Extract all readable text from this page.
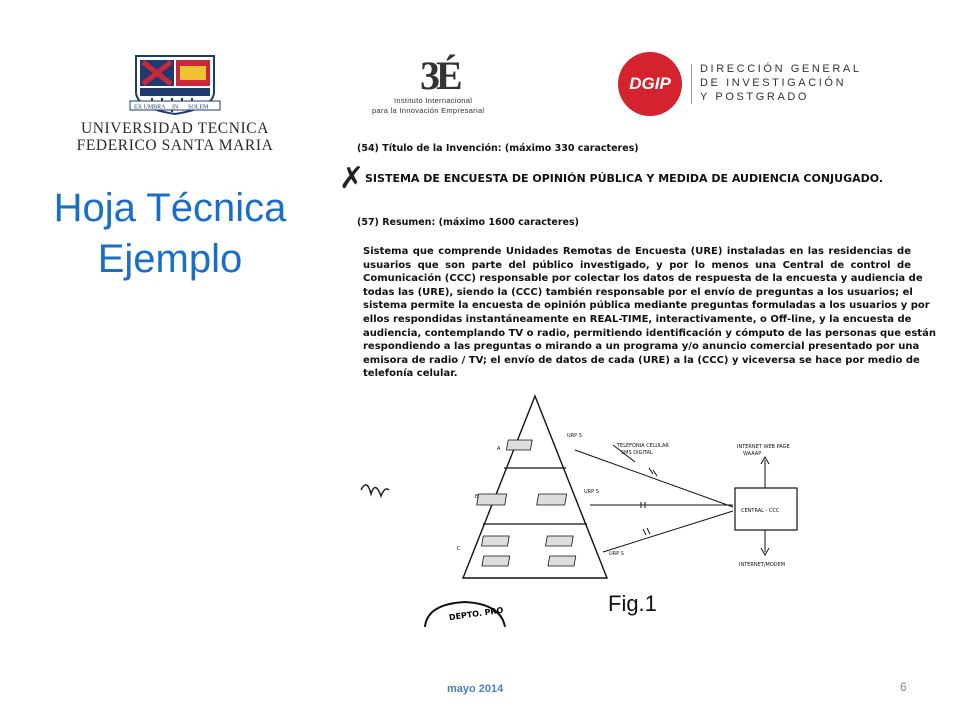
EX UMBRA IN SOLEM
UNIVERSIDAD TECNICA
FEDERICO SANTA MARIA
3É
Instituto Internacional
para la Innovación Empresarial
DGIP
DIRECCIÓN GENERAL
DE INVESTIGACIÓN
Y POSTGRADO
Hoja Técnica
Ejemplo
(54) Título de la Invención: (máximo 330 caracteres)
✗ SISTEMA DE ENCUESTA DE OPINIÓN PÚBLICA Y MEDIDA DE AUDIENCIA CONJUGADO.
(57) Resumen: (máximo 1600 caracteres)
Sistema que comprende Unidades Remotas de Encuesta (URE) instaladas en las residencias de
usuarios que son parte del público investigado, y por lo menos una Central de control de
Comunicación (CCC) responsable por colectar los datos de respuesta de la encuesta y audiencia de
todas las (URE), siendo la (CCC) también responsable por el envío de preguntas a los usuarios; el
sistema permite la encuesta de opinión pública mediante preguntas formuladas a los usuarios y por
ellos respondidas instantáneamente en REAL-TIME, interactivamente, o Off-line, y la encuesta de
audiencia, contemplando TV o radio, permitiendo identificación y cómputo de las personas que están
respondiendo a las preguntas o mirando a un programa y/o anuncio comercial presentado por una
emisora de radio / TV; el envío de datos de cada (URE) a la (CCC) y viceversa se hace por medio de
telefonía celular.
A
B
C
URP S
URP S
URP S
TELEFONIA CELULAR
SMS DIGITAL
CENTRAL - CCC
INTERNET WEB PAGE
WAAAP
INTERNET/MODEM
DEPTO. PRO	Fig.1
mayo 2014	6
